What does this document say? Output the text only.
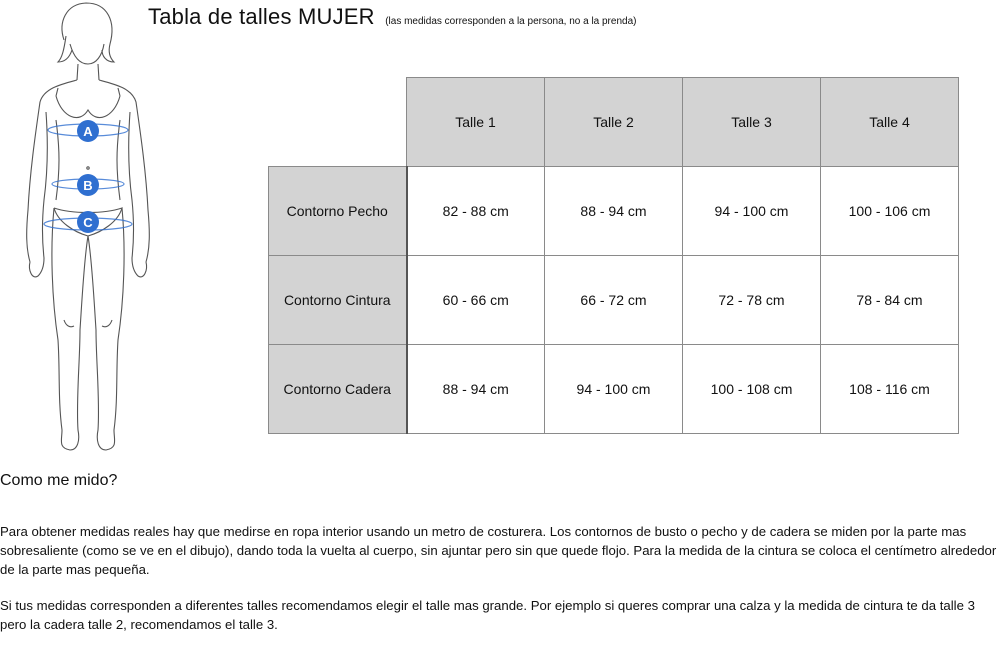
A
B
C
Tabla de talles MUJER (las medidas corresponden a la persona, no a la prenda)
	Talle 1	Talle 2	Talle 3	Talle 4
Contorno Pecho	82 - 88 cm	88 - 94 cm	94 - 100 cm	100 - 106 cm
Contorno Cintura	60 - 66 cm	66 - 72 cm	72 - 78 cm	78 - 84 cm
Contorno Cadera	88 - 94 cm	94 - 100 cm	100 - 108 cm	108 - 116 cm
Como me mido?
Para obtener medidas reales hay que medirse en ropa interior usando un metro de costurera. Los contornos de busto o pecho y de cadera se miden por la parte mas sobresaliente (como se ve en el dibujo), dando toda la vuelta al cuerpo, sin ajuntar pero sin que quede flojo. Para la medida de la cintura se coloca el centímetro alrededor de la parte mas pequeña.
Si tus medidas corresponden a diferentes talles recomendamos elegir el talle mas grande. Por ejemplo si queres comprar una calza y la medida de cintura te da talle 3 pero la cadera talle 2, recomendamos el talle 3.
